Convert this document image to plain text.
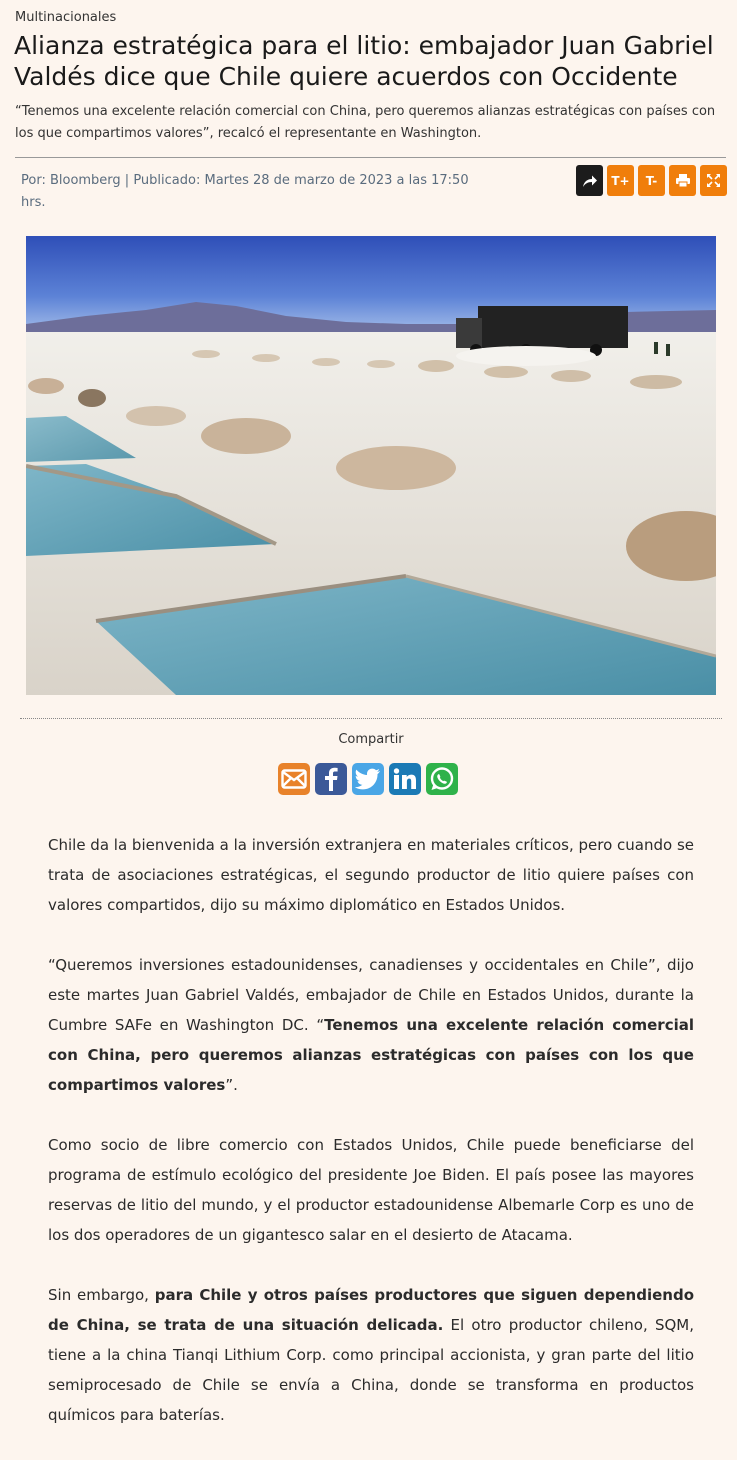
Multinacionales
Alianza estratégica para el litio: embajador Juan Gabriel Valdés dice que Chile quiere acuerdos con Occidente

“Tenemos una excelente relación comercial con China, pero queremos alianzas estratégicas con países con los que compartimos valores”, recalcó el representante en Washington.

Por: Bloomberg | Publicado: Martes 28 de marzo de 2023 a las 17:50 hrs.
T+	T-
Compartir

Chile da la bienvenida a la inversión extranjera en materiales críticos, pero cuando se trata de asociaciones estratégicas, el segundo productor de litio quiere países con valores compartidos, dijo su máximo diplomático en Estados Unidos.

“Queremos inversiones estadounidenses, canadienses y occidentales en Chile”, dijo este martes Juan Gabriel Valdés, embajador de Chile en Estados Unidos, durante la Cumbre SAFe en Washington DC. “Tenemos una excelente relación comercial con China, pero queremos alianzas estratégicas con países con los que compartimos valores”.

Como socio de libre comercio con Estados Unidos, Chile puede beneficiarse del programa de estímulo ecológico del presidente Joe Biden. El país posee las mayores reservas de litio del mundo, y el productor estadounidense Albemarle Corp es uno de los dos operadores de un gigantesco salar en el desierto de Atacama.

Sin embargo, para Chile y otros países productores que siguen dependiendo de China, se trata de una situación delicada. El otro productor chileno, SQM, tiene a la china Tianqi Lithium Corp. como principal accionista, y gran parte del litio semiprocesado de Chile se envía a China, donde se transforma en productos químicos para baterías.
